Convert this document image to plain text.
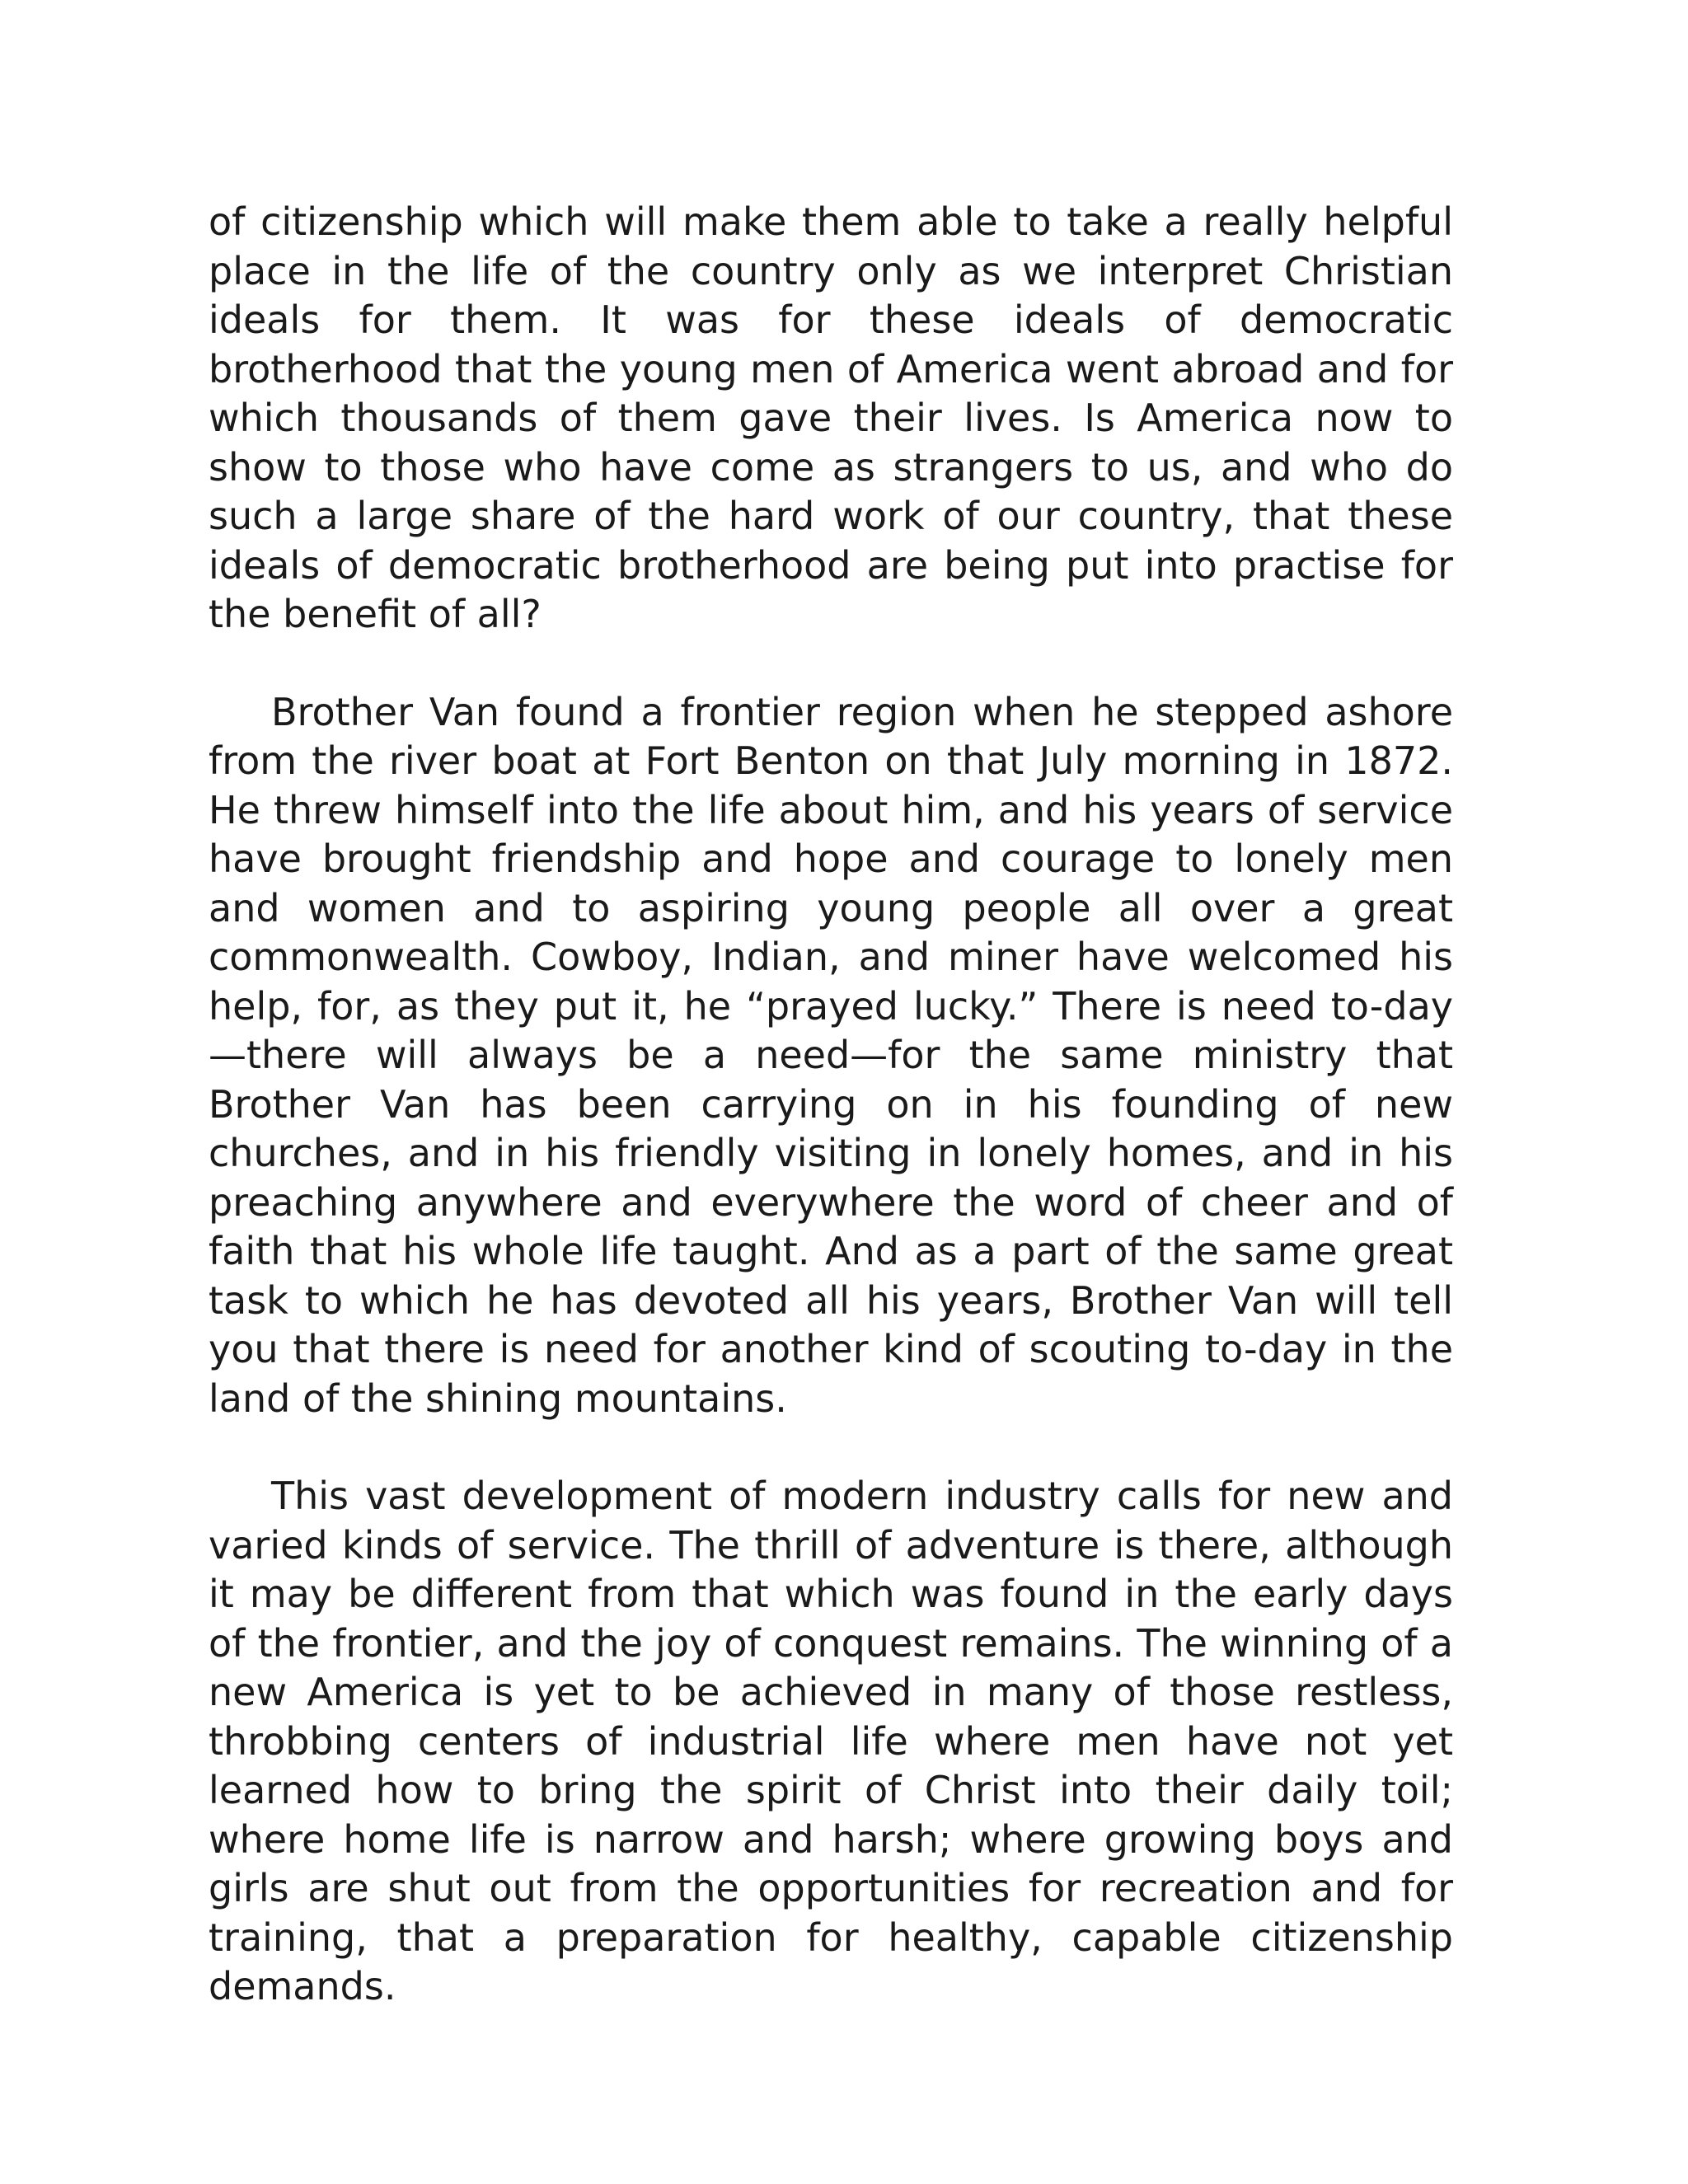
of citizenship which will make them able to take a really helpful place in the life of the country only as we interpret Christian ideals for them. It was for these ideals of democratic brotherhood that the young men of America went abroad and for which thousands of them gave their lives. Is America now to show to those who have come as strangers to us, and who do such a large share of the hard work of our country, that these ideals of democratic brotherhood are being put into practise for the benefit of all?

Brother Van found a frontier region when he stepped ashore from the river boat at Fort Benton on that July morning in 1872. He threw himself into the life about him, and his years of service have brought friendship and hope and courage to lonely men and women and to aspiring young people all over a great commonwealth. Cowboy, Indian, and miner have welcomed his help, for, as they put it, he “prayed lucky.” There is need to-day—there will always be a need—for the same ministry that Brother Van has been carrying on in his founding of new churches, and in his friendly visiting in lonely homes, and in his preaching anywhere and everywhere the word of cheer and of faith that his whole life taught. And as a part of the same great task to which he has devoted all his years, Brother Van will tell you that there is need for another kind of scouting to-day in the land of the shining mountains.

This vast development of modern industry calls for new and varied kinds of service. The thrill of adventure is there, although it may be different from that which was found in the early days of the frontier, and the joy of conquest remains. The winning of a new America is yet to be achieved in many of those restless, throbbing centers of industrial life where men have not yet learned how to bring the spirit of Christ into their daily toil; where home life is narrow and harsh; where growing boys and girls are shut out from the opportunities for recreation and for training, that a preparation for healthy, capable citizenship demands.
